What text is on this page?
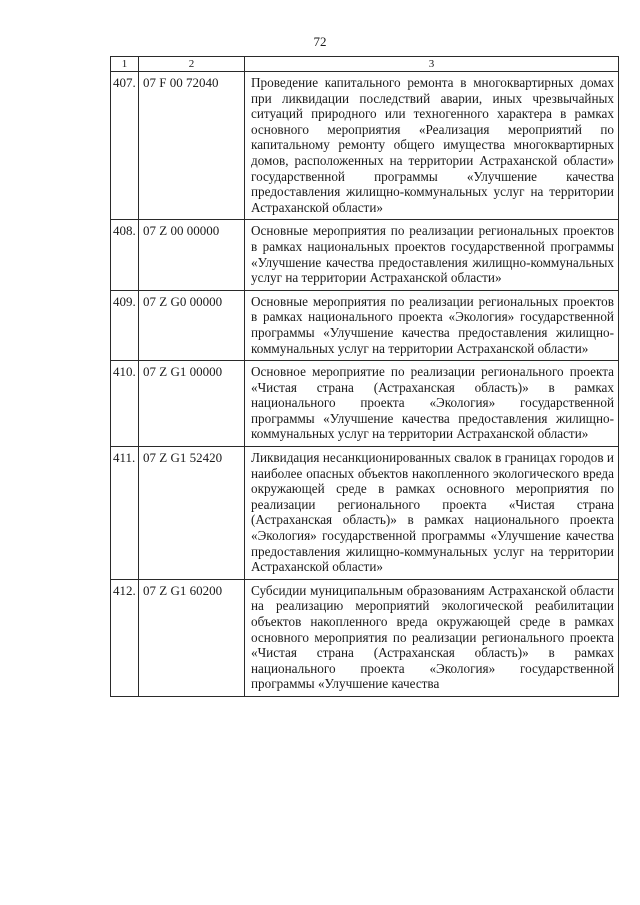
72
1	2	3
407.	07 F 00 72040	Проведение капитального ремонта в многоквартирных домах при ликвидации последствий аварии, иных чрезвычайных ситуаций природного или техногенного характера в рамках основного мероприятия «Реализация мероприятий по капитальному ремонту общего имущества многоквартирных домов, расположенных на территории Астраханской области» государственной программы «Улучшение качества предоставления жилищно-коммунальных услуг на территории Астраханской области»
408.	07 Z 00 00000	Основные мероприятия по реализации региональных проектов в рамках национальных проектов государственной программы «Улучшение качества предоставления жилищно-коммунальных услуг на территории Астраханской области»
409.	07 Z G0 00000	Основные мероприятия по реализации региональных проектов в рамках национального проекта «Экология» государственной программы «Улучшение качества предоставления жилищно-коммунальных услуг на территории Астраханской области»
410.	07 Z G1 00000	Основное мероприятие по реализации регионального проекта «Чистая страна (Астраханская область)» в рамках национального проекта «Экология» государственной программы «Улучшение качества предоставления жилищно-коммунальных услуг на территории Астраханской области»
411.	07 Z G1 52420	Ликвидация несанкционированных свалок в границах городов и наиболее опасных объектов накопленного экологического вреда окружающей среде в рамках основного мероприятия по реализации регионального проекта «Чистая страна (Астраханская область)» в рамках национального проекта «Экология» государственной программы «Улучшение качества предоставления жилищно-коммунальных услуг на территории Астраханской области»
412.	07 Z G1 60200	Субсидии муниципальным образованиям Астраханской области на реализацию мероприятий экологической реабилитации объектов накопленного вреда окружающей среде в рамках основного мероприятия по реализации регионального проекта «Чистая страна (Астраханская область)» в рамках национального проекта «Экология» государственной программы «Улучшение качества
